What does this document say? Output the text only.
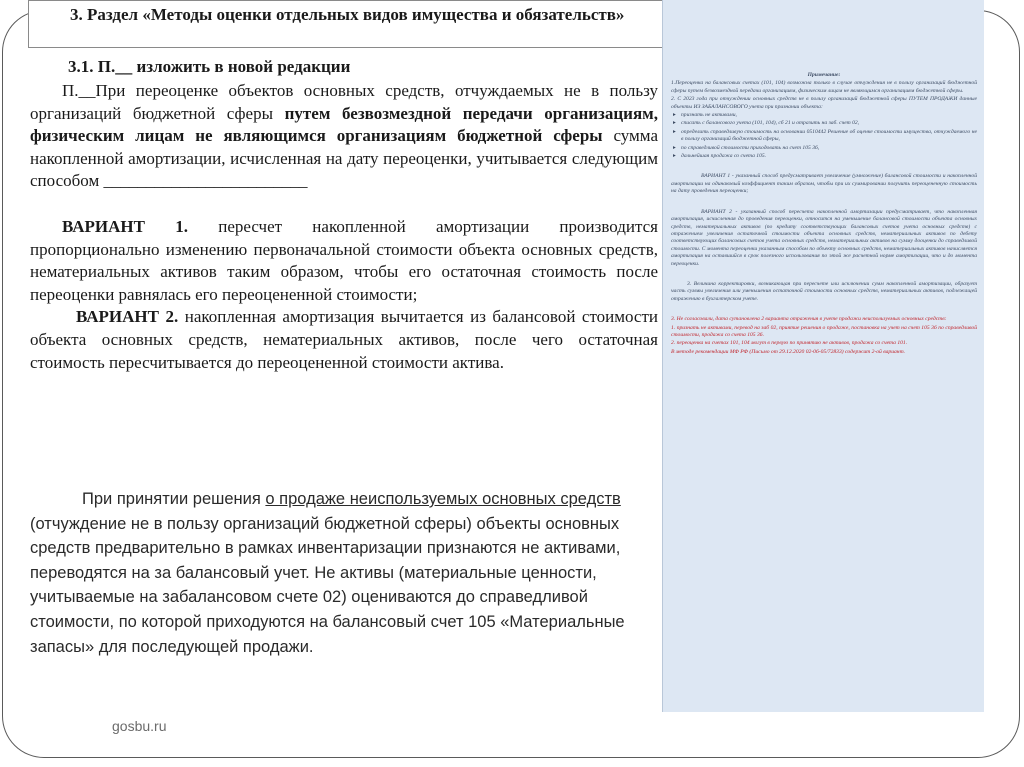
3. Раздел «Методы оценки отдельных видов имущества и обязательств»
3.1. П.__ изложить в новой редакции

П.__При переоценке объектов основных средств, отчуждаемых не в пользу организаций бюджетной сферы путем безвозмездной передачи организациям, физическим лицам не являющимся организациям бюджетной сферы сумма накопленной амортизации, исчисленная на дату переоценки, учитывается следующим способом ________________________

ВАРИАНТ 1. пересчет накопленной амортизации производится пропорционально изменению первоначальной стоимости объекта основных средств, нематериальных активов таким образом, чтобы его остаточная стоимость после переоценки равнялась его переоцененной стоимости;

ВАРИАНТ 2. накопленная амортизация вычитается из балансовой стоимости объекта основных средств, нематериальных активов, после чего остаточная стоимость пересчитывается до переоцененной стоимости актива.

При принятии решения о продаже неиспользуемых основных средств (отчуждение не в пользу организаций бюджетной сферы) объекты основных средств предварительно в рамках инвентаризации признаются не активами, переводятся на за балансовый учет. Не активы (материальные ценности, учитываемые на забалансовом счете 02) оцениваются до справедливой стоимости, по которой приходуются на балансовый счет 105 «Материальные запасы» для последующей продажи.

gosbu.ru

Примечание:

1.Переоценка на балансовых счетах (101, 104) возможна только в случае отчуждения не в пользу организаций бюджетной сферы путем безвозмездной передачи организациям, физическим лицам не являющимся организациям бюджетной сферы.

2. С 2023 года при отчуждении основных средств не в пользу организаций бюджетной сферы ПУТЕМ ПРОДАЖИ данные объекты ИЗ ЗАБАЛАНСОВОГО учета при признании объекта:

▸ признать не активами,

▸ списать с балансового учета (101, 104), сб 21 и отразить на заб. счет 02,

▸ определить справедливую стоимость на основании 0510442 Решение об оценке стоимости имущества, отчуждаемого не в пользу организаций бюджетной сферы,

▸ по справедливой стоимости приходовать на счет 105 36,

▸ дальнейшая продажа со счета 105.

ВАРИАНТ 1 - указанный способ предусматривает увеличение (умножение) балансовой стоимости и накопленной амортизации на одинаковый коэффициент таким образом, чтобы при их суммировании получить переоцененную стоимость на дату проведения переоценки;

ВАРИАНТ 2 - указанный способ пересчета накопленной амортизации предусматривает, что накопленная амортизация, исчисленная до проведения переоценки, относится на уменьшение балансовой стоимости объекта основных средств, нематериальных активов (по кредиту соответствующих балансовых счетов учета основных средств) с отражением увеличения остаточной стоимости объекта основных средств, нематериальных активов по дебету соответствующих балансовых счетов учета основных средств, нематериальных активов на сумму дооценки до справедливой стоимости. С момента переоценки указанным способом по объекту основных средств, нематериальных активов начисляется амортизация на оставшийся в срок полезного использования по этой же расчетной норме амортизации, что и до момента переоценки.

3. Величина корректировки, возникающая при пересчете или исключении сумм накопленной амортизации, образует часть суммы увеличения или уменьшения остаточной стоимости основных средств, нематериальных активов, подлежащей отражению в бухгалтерском учете.

3. Не согласовали, дата сутановлена 2 варианта отражения в учете продажи неиспользуемых основных средств:

1. признать не активами, перевод на заб 02, приятие решения о продаже, постановка на учет на счет 105 36 по справедливой стоимости, продажа со счета 105 36.

2. переоценка на счетах 101, 104 могут в первую по принятию не активов, продажа со счета 101.

В методе рекомендации МФ РФ (Письмо от 29.12.2020 02-06-05/72833) содержит 2-ой вариант.
